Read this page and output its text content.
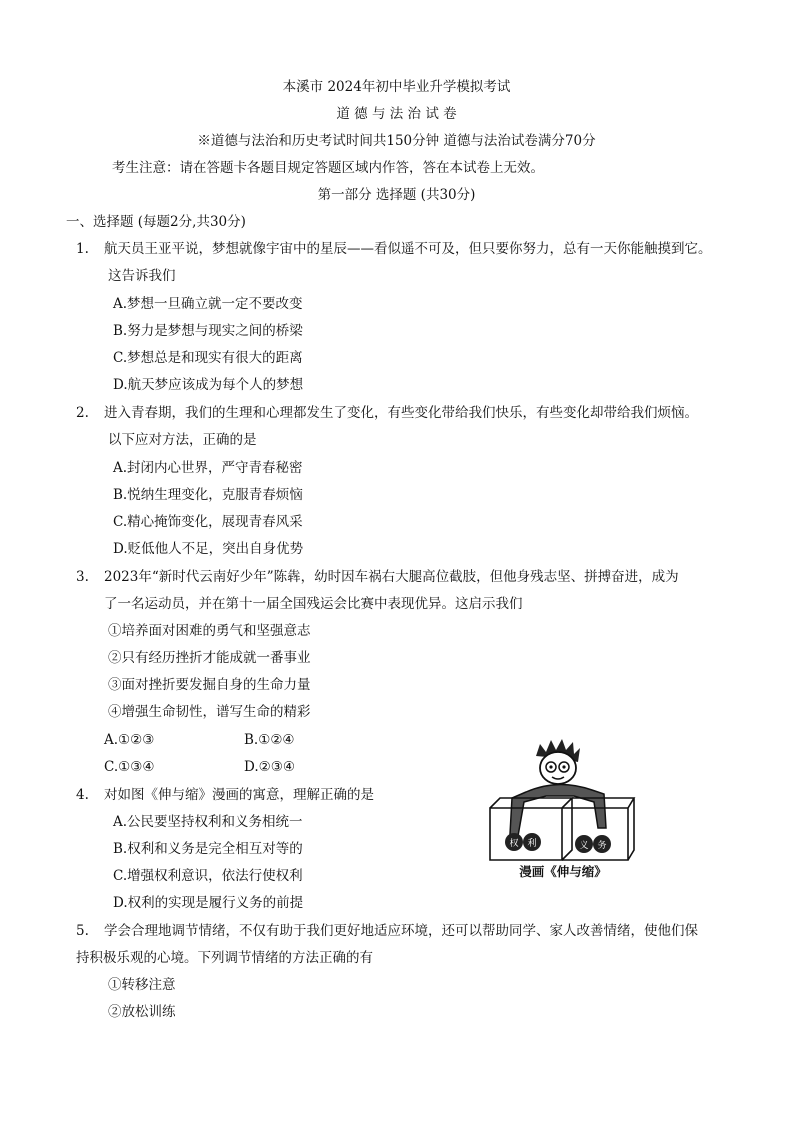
本溪市 2024年初中毕业升学模拟考试
道 德 与 法 治 试 卷
※道德与法治和历史考试时间共150分钟 道德与法治试卷满分70分
考生注意：请在答题卡各题目规定答题区域内作答，答在本试卷上无效。
第一部分 选择题 (共30分)
一、选择题 (每题2分,共30分)
1. 航天员王亚平说，梦想就像宇宙中的星辰——看似遥不可及，但只要你努力，总有一天你能触摸到它。
这告诉我们
A.梦想一旦确立就一定不要改变
B.努力是梦想与现实之间的桥梁
C.梦想总是和现实有很大的距离
D.航天梦应该成为每个人的梦想
2. 进入青春期，我们的生理和心理都发生了变化，有些变化带给我们快乐，有些变化却带给我们烦恼。
以下应对方法，正确的是
A.封闭内心世界，严守青春秘密
B.悦纳生理变化，克服青春烦恼
C.精心掩饰变化，展现青春风采
D.贬低他人不足，突出自身优势
3. 2023年“新时代云南好少年”陈犇，幼时因车祸右大腿高位截肢，但他身残志坚、拼搏奋进，成为
了一名运动员，并在第十一届全国残运会比赛中表现优异。这启示我们
①培养面对困难的勇气和坚强意志
②只有经历挫折才能成就一番事业
③面对挫折要发掘自身的生命力量
④增强生命韧性，谱写生命的精彩
A.①②③	B.①②④
C.①③④	D.②③④
4. 对如图《伸与缩》漫画的寓意，理解正确的是
A.公民要坚持权利和义务相统一
B.权利和义务是完全相互对等的
C.增强权利意识，依法行使权利
D.权利的实现是履行义务的前提
权 利	义 务
漫画《伸与缩》
5. 学会合理地调节情绪，不仅有助于我们更好地适应环境，还可以帮助同学、家人改善情绪，使他们保
持积极乐观的心境。下列调节情绪的方法正确的有
①转移注意
②放松训练
